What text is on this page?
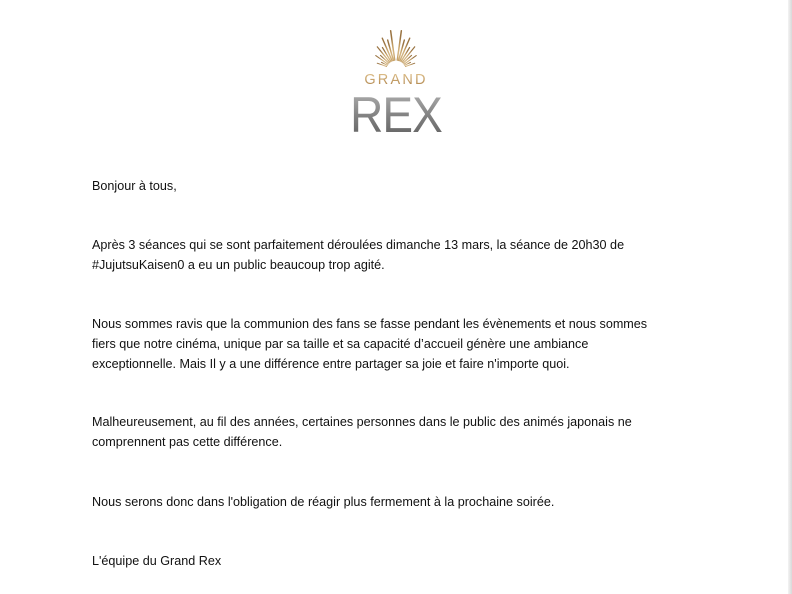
GRAND
REX

Bonjour à tous,

Après 3 séances qui se sont parfaitement déroulées dimanche 13 mars, la séance de 20h30 de
#JujutsuKaisen0 a eu un public beaucoup trop agité.

Nous sommes ravis que la communion des fans se fasse pendant les évènements et nous sommes
fiers que notre cinéma, unique par sa taille et sa capacité d’accueil génère une ambiance
exceptionnelle. Mais Il y a une différence entre partager sa joie et faire n'importe quoi.

Malheureusement, au fil des années, certaines personnes dans le public des animés japonais ne
comprennent pas cette différence.

Nous serons donc dans l'obligation de réagir plus fermement à la prochaine soirée.

L'équipe du Grand Rex
